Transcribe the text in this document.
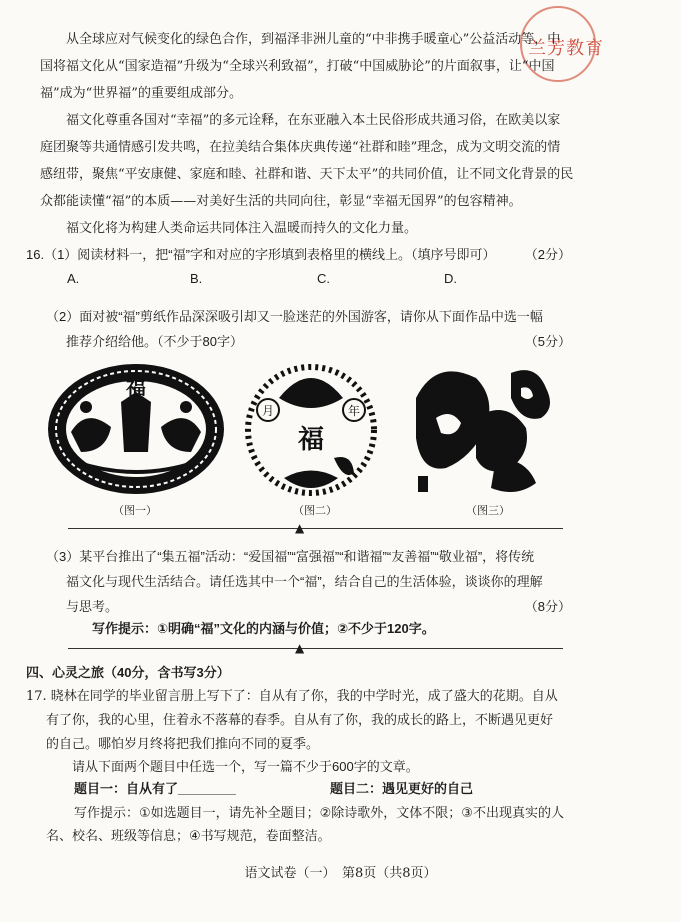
兰芳教育

从全球应对气候变化的绿色合作，到福泽非洲儿童的“中非携手暖童心”公益活动等，中

国将福文化从“国家造福”升级为“全球兴利致福”，打破“中国威胁论”的片面叙事，让“中国

福”成为“世界福”的重要组成部分。

福文化尊重各国对“幸福”的多元诠释，在东亚融入本土民俗形成共通习俗，在欧美以家

庭团聚等共通情感引发共鸣，在拉美结合集体庆典传递“社群和睦”理念，成为文明交流的情

感纽带，聚焦“平安康健、家庭和睦、社群和谐、天下太平”的共同价值，让不同文化背景的民

众都能读懂“福”的本质——对美好生活的共同向往，彰显“幸福无国界”的包容精神。

福文化将为构建人类命运共同体注入温暖而持久的文化力量。

16.（1）阅读材料一，把“福”字和对应的字形填到表格里的横线上。（填序号即可） （2分）
A.	B.	C.	D.
（2）面对被“福”剪纸作品深深吸引却又一脸迷茫的外国游客，请你从下面作品中选一幅
推荐介绍给他。（不少于80字）	（5分）
福
月	年
福
（图一）	（图二）	（图三）
▲
（3）某平台推出了“集五福”活动：“爱国福”“富强福”“和谐福”“友善福”“敬业福”，将传统
福文化与现代生活结合。请任选其中一个“福”，结合自己的生活体验，谈谈你的理解
与思考。	（8分）
写作提示：①明确“福”文化的内涵与价值；②不少于120字。
▲
四、心灵之旅（40分，含书写3分）
17. 晓林在同学的毕业留言册上写下了：自从有了你，我的中学时光，成了盛大的花期。自从
有了你，我的心里，住着永不落幕的春季。自从有了你，我的成长的路上，不断遇见更好
的自己。哪怕岁月终将把我们推向不同的夏季。
请从下面两个题目中任选一个，写一篇不少于600字的文章。
题目一：自从有了________	题目二：遇见更好的自己
写作提示：①如选题目一，请先补全题目；②除诗歌外，文体不限；③不出现真实的人
名、校名、班级等信息；④书写规范，卷面整洁。
语文试卷（一）　第8页（共8页）
